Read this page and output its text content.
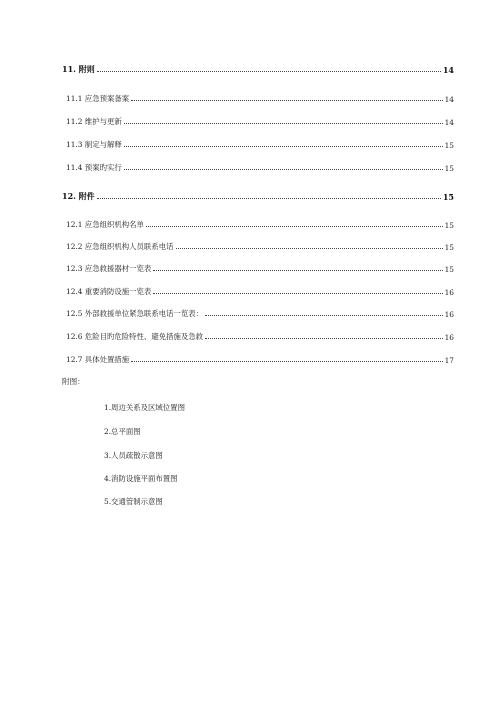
11. 附则	14
11.1 应急预案备案	14
11.2 维护与更新	14
11.3 制定与解释	15
11.4 预案旳实行	15
12. 附件	15
12.1 应急组织机构名单	15
12.2 应急组织机构人员联系电话	15
12.3 应急救援器材一览表	15
12.4 重要消防设施一览表	16
12.5 外部救援单位紧急联系电话一览表：	16
12.6 危险目旳危险特性、避免措施及急救	16
12.7 具体处置措施	17
附图：
1.周边关系及区域位置图
2.总平面图
3.人员疏散示意图
4.消防设施平面布置图
5.交通管制示意图
